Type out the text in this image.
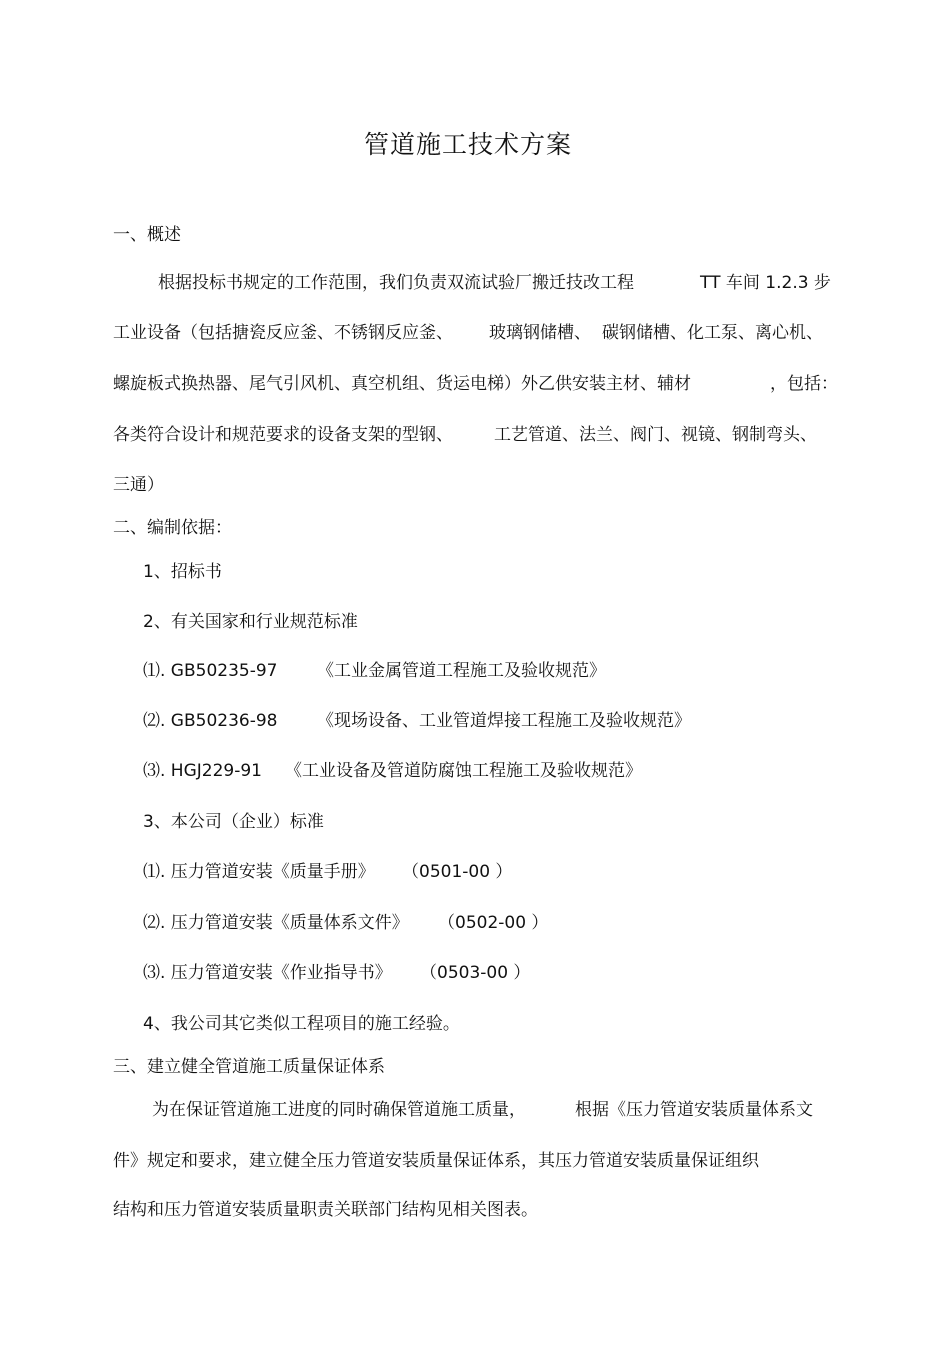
管道施工技术方案
一、概述
根据投标书规定的工作范围，我们负责双流试验厂搬迁技改工程	TT 车间 1.2.3 步
工业设备（包括搪瓷反应釜、不锈钢反应釜、 玻璃钢储槽、 碳钢储槽、化工泵、离心机、
螺旋板式换热器、尾气引风机、真空机组、货运电梯）外乙供安装主材、辅材	，包括：
各类符合设计和规范要求的设备支架的型钢、 工艺管道、法兰、阀门、视镜、钢制弯头、
三通）
二、编制依据：
1、招标书
2、有关国家和行业规范标准
⑴. GB50235-97 《工业金属管道工程施工及验收规范》
⑵. GB50236-98 《现场设备、工业管道焊接工程施工及验收规范》
⑶. HGJ229-91 《工业设备及管道防腐蚀工程施工及验收规范》
3、本公司（企业）标准
⑴. 压力管道安装《质量手册》 （0501-00 ）
⑵. 压力管道安装《质量体系文件》 （0502-00 ）
⑶. 压力管道安装《作业指导书》 （0503-00 ）
4、我公司其它类似工程项目的施工经验。
三、建立健全管道施工质量保证体系
为在保证管道施工进度的同时确保管道施工质量，	根据《压力管道安装质量体系文
件》规定和要求，建立健全压力管道安装质量保证体系，其压力管道安装质量保证组织
结构和压力管道安装质量职责关联部门结构见相关图表。
